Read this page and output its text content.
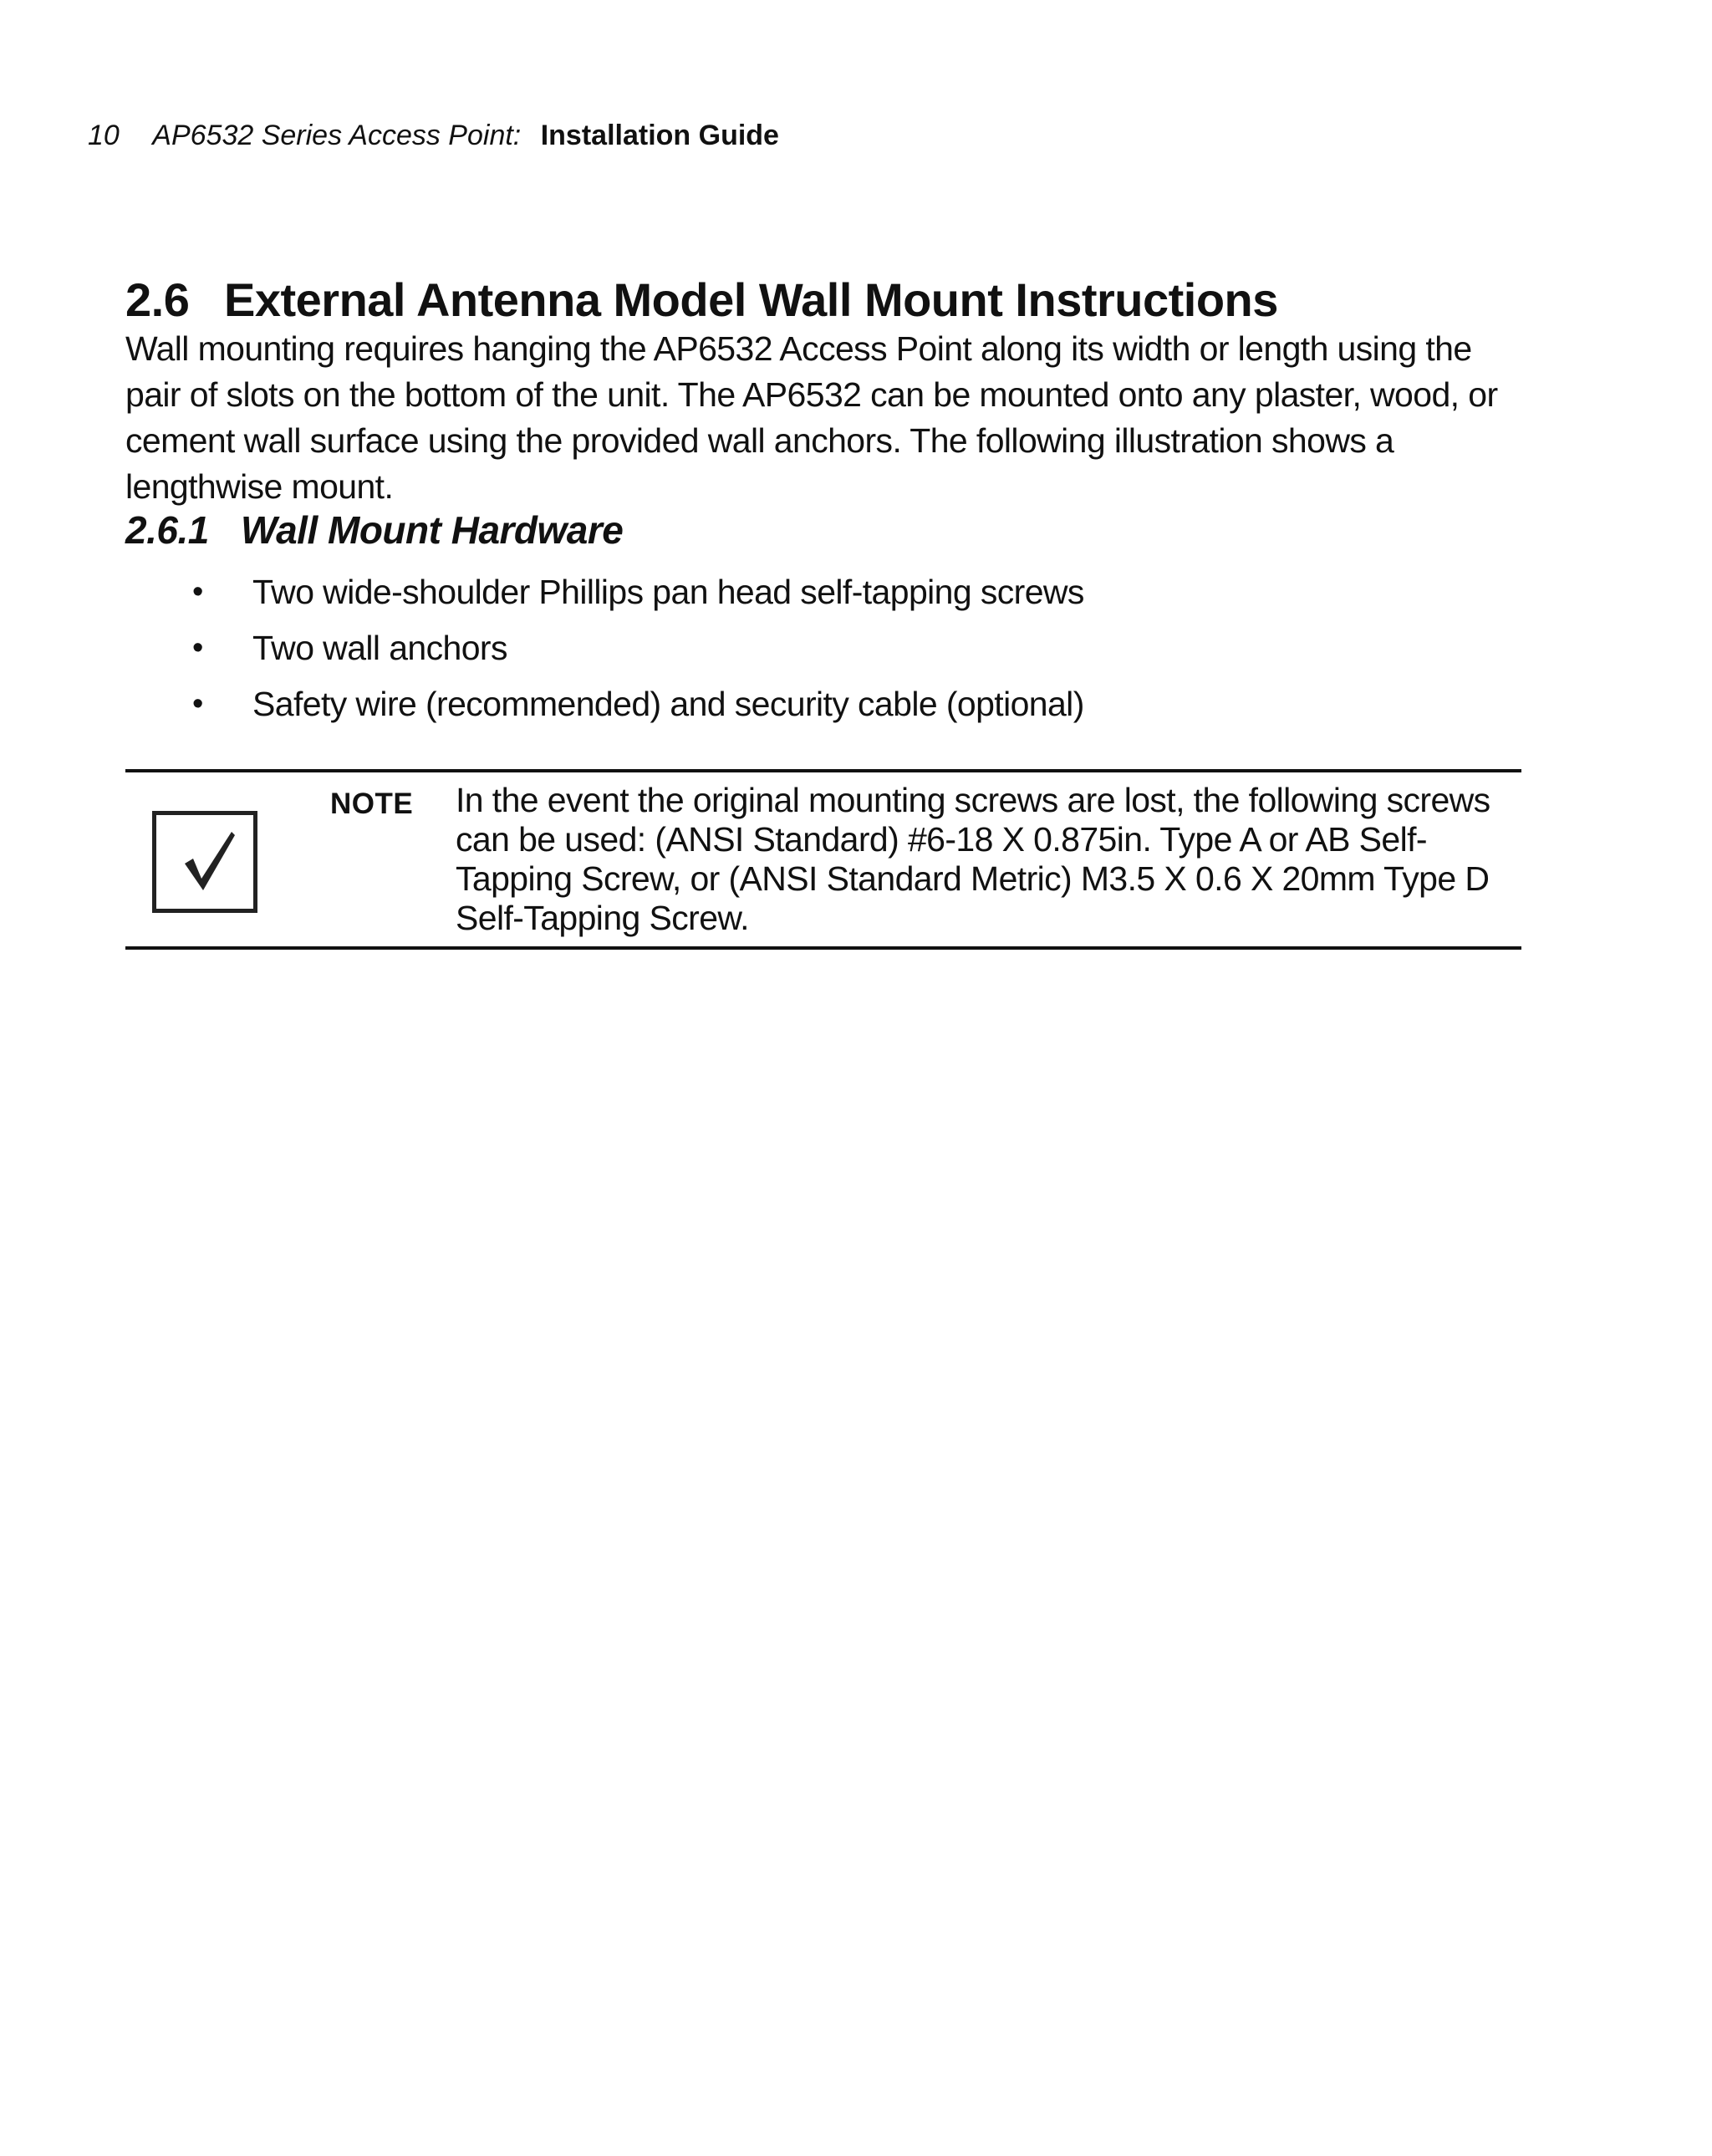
10 AP6532 Series Access Point: Installation Guide
2.6 External Antenna Model Wall Mount Instructions
Wall mounting requires hanging the AP6532 Access Point along its width or length using the pair of slots on the bottom of the unit. The AP6532 can be mounted onto any plaster, wood, or cement wall surface using the provided wall anchors. The following illustration shows a lengthwise mount.
2.6.1 Wall Mount Hardware
• Two wide-shoulder Phillips pan head self-tapping screws
• Two wall anchors
• Safety wire (recommended) and security cable (optional)
NOTE In the event the original mounting screws are lost, the following screws can be used: (ANSI Standard) #6-18 X 0.875in. Type A or AB Self-Tapping Screw, or (ANSI Standard Metric) M3.5 X 0.6 X 20mm Type D Self-Tapping Screw.
